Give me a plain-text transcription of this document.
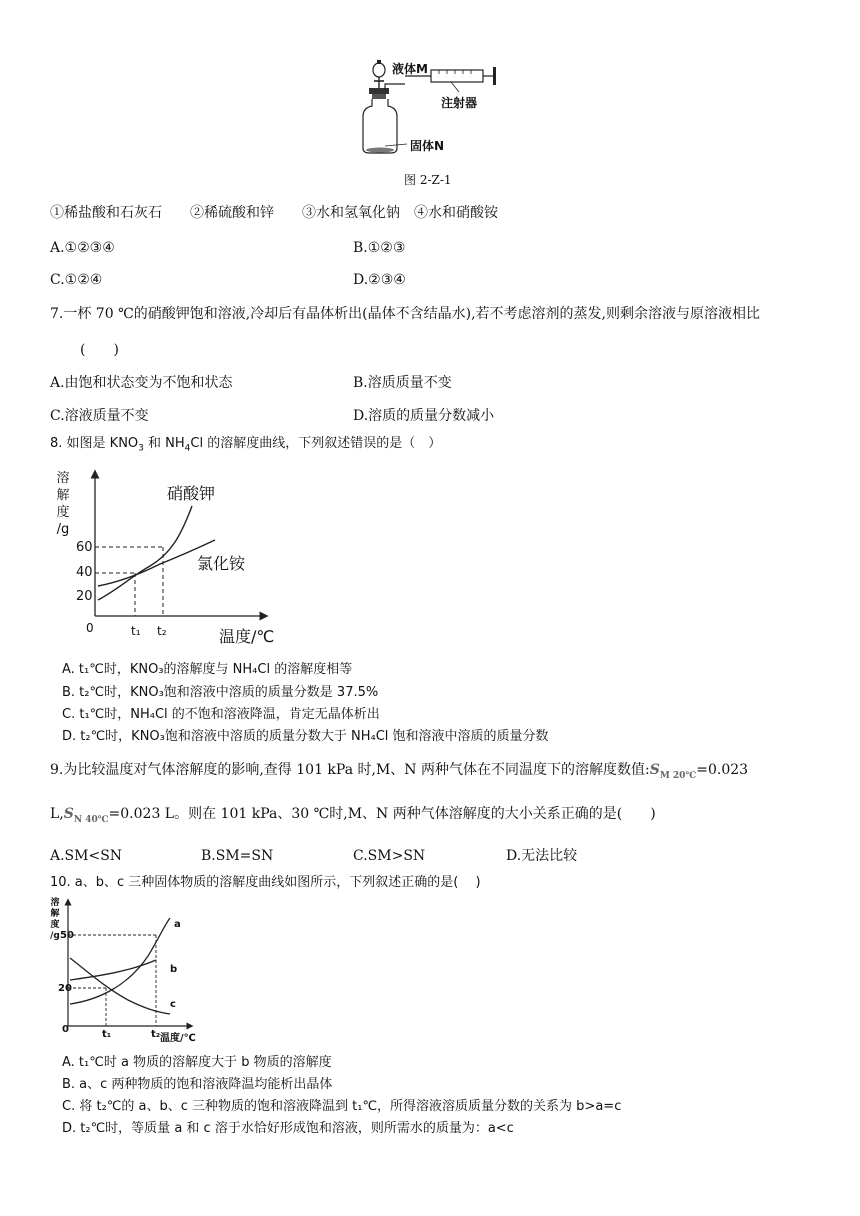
液体M
注射器
固体N
图 2-Z-1
①稀盐酸和石灰石　　②稀硫酸和锌　　③水和氢氧化钠　④水和硝酸铵
A.①②③④	B.①②③
C.①②④	D.②③④
7.一杯 70 ℃的硝酸钾饱和溶液,冷却后有晶体析出(晶体不含结晶水),若不考虑溶剂的蒸发,则剩余溶液与原溶液相比
(　　)
A.由饱和状态变为不饱和状态	B.溶质质量不变
C.溶液质量不变	D.溶质的质量分数减小
8. 如图是 $KNO_3$ 和 $NH_4Cl$ 的溶解度曲线，下列叙述错误的是（　）
溶
解
度
/g
60
40
20
0	t₁ t₂	温度/℃
硝酸钾
氯化铵
A. t₁℃时，KNO₃的溶解度与 NH₄Cl 的溶解度相等
B. t₂℃时，KNO₃饱和溶液中溶质的质量分数是 37.5%
C. t₁℃时，NH₄Cl 的不饱和溶液降温，肯定无晶体析出
D. t₂℃时，KNO₃饱和溶液中溶质的质量分数大于 NH₄Cl 饱和溶液中溶质的质量分数
9.为比较温度对气体溶解度的影响,查得 101 kPa 时,M、N 两种气体在不同温度下的溶解度数值$:S_{M 20℃}=0.023$
$L,S_{N 40℃}=0.023$ L。则在 101 kPa、30 ℃时,M、N 两种气体溶解度的大小关系正确的是(　　)
A.SM<SN	B.SM=SN	C.SM>SN	D.无法比较
10. a、b、c 三种固体物质的溶解度曲线如图所示，下列叙述正确的是(　 )
溶
解
度
/g 50
20
0	t₁	t₂ 温度/℃
a
b
c
A. t₁℃时 a 物质的溶解度大于 b 物质的溶解度
B. a、c 两种物质的饱和溶液降温均能析出晶体
C. 将 t₂℃的 a、b、c 三种物质的饱和溶液降温到 t₁℃，所得溶液溶质质量分数的关系为 b>a=c
D. t₂℃时，等质量 a 和 c 溶于水恰好形成饱和溶液，则所需水的质量为：a<c
